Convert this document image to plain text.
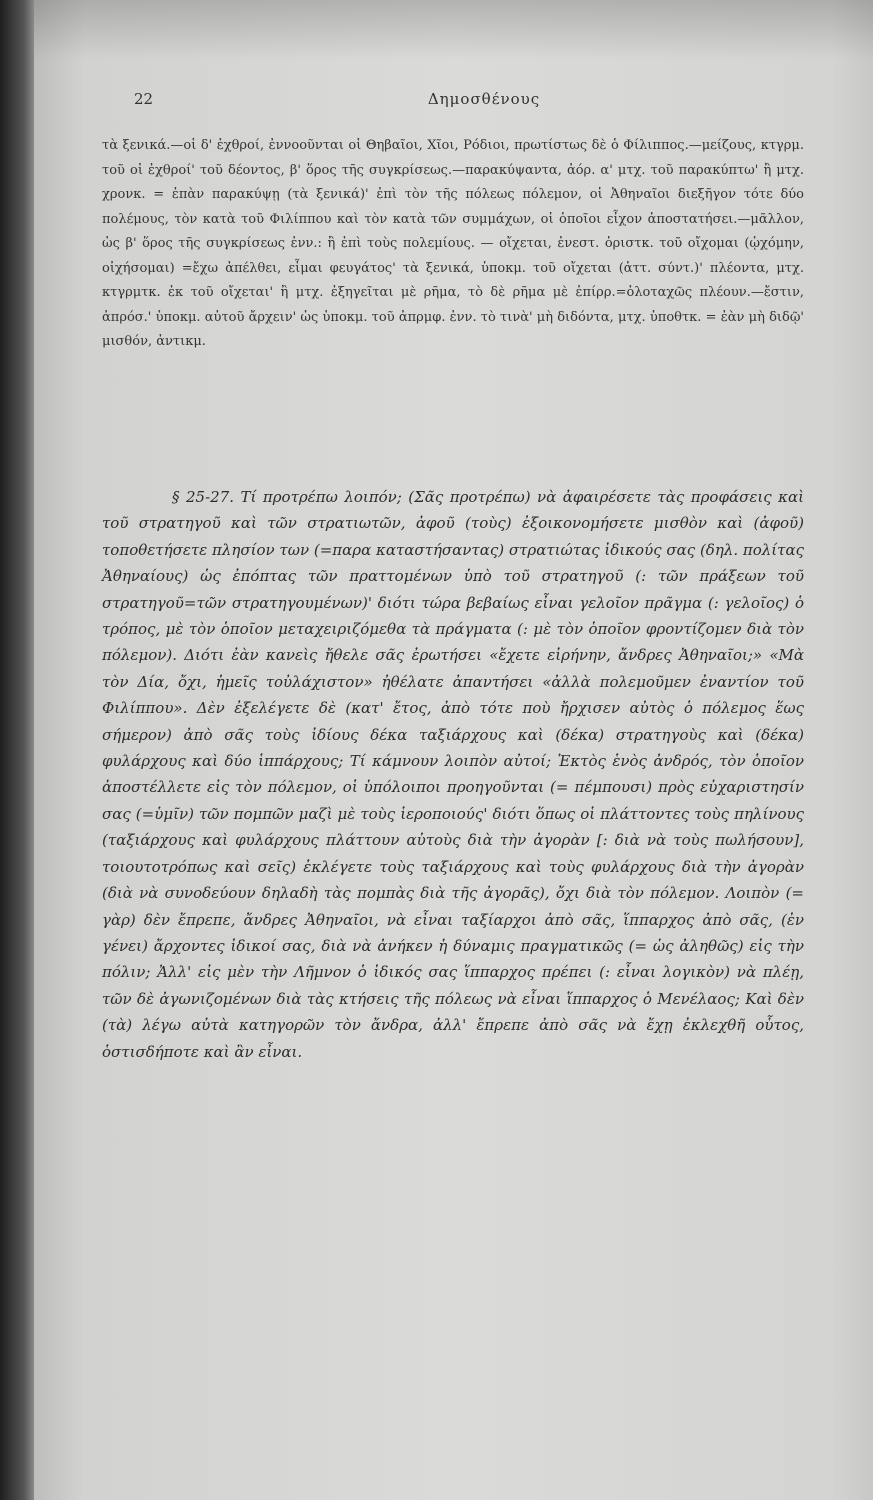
22	Δημοσθένους

τὰ ξενικά.—οἱ δ' ἐχθροί, ἐννοοῦνται οἱ Θηβαῖοι, Χῖοι, Ρόδιοι, πρωτίστως δὲ ὁ Φίλιππος.—μείζους, κτγρμ. τοῦ οἱ ἐχθροί' τοῦ δέοντος, β' ὅρος τῆς συγκρίσεως.—παρακύψαντα, ἀόρ. α' μτχ. τοῦ παρακύπτω' ἢ μτχ. χρονκ. = ἐπὰν παρακύψῃ (τὰ ξενικά)' ἐπὶ τὸν τῆς πόλεως πόλεμον, οἱ Ἀθηναῖοι διεξῆγον τότε δύο πολέμους, τὸν κατὰ τοῦ Φιλίππου καὶ τὸν κατὰ τῶν συμμάχων, οἱ ὁποῖοι εἶχον ἀποστατήσει.—μᾶλλον, ὡς β' ὅρος τῆς συγκρίσεως ἐνν.: ἢ ἐπὶ τοὺς πολεμίους. — οἴχεται, ἐνεστ. ὁριστκ. τοῦ οἴχομαι (ᾠχόμην, οἰχήσομαι) =ἔχω ἀπέλθει, εἶμαι φευγάτος' τὰ ξενικά, ὑποκμ. τοῦ οἴχεται (ἀττ. σύντ.)' πλέοντα, μτχ. κτγρμτκ. ἐκ τοῦ οἴχεται' ἢ μτχ. ἐξηγεῖται μὲ ρῆμα, τὸ δὲ ρῆμα μὲ ἐπίρρ.=ὁλοταχῶς πλέουν.—ἔστιν, ἀπρόσ.' ὑποκμ. αὐτοῦ ἄρχειν' ὡς ὑποκμ. τοῦ ἀπρμφ. ἐνν. τὸ τινὰ' μὴ διδόντα, μτχ. ὑποθτκ. = ἐὰν μὴ διδῷ' μισθόν, ἀντικμ.

§ 25-27. Τί προτρέπω λοιπόν; (Σᾶς προτρέπω) νὰ ἀφαιρέσετε τὰς προφάσεις καὶ τοῦ στρατηγοῦ καὶ τῶν στρατιωτῶν, ἀφοῦ (τοὺς) ἐξοικονομήσετε μισθὸν καὶ (ἀφοῦ) τοποθετήσετε πλησίον των (=παρα καταστήσαντας) στρατιώτας ἰδικούς σας (δηλ. πολίτας Ἀθηναίους) ὡς ἐπόπτας τῶν πραττομένων ὑπὸ τοῦ στρατηγοῦ (: τῶν πράξεων τοῦ στρατηγοῦ=τῶν στρατηγουμένων)' διότι τώρα βεβαίως εἶναι γελοῖον πρᾶγμα (: γελοῖος) ὁ τρόπος, μὲ τὸν ὁποῖον μεταχειριζόμεθα τὰ πράγματα (: μὲ τὸν ὁποῖον φροντίζομεν διὰ τὸν πόλεμον). Διότι ἐὰν κανεὶς ἤθελε σᾶς ἐρωτήσει «ἔχετε εἰρήνην, ἄνδρες Ἀθηναῖοι;» «Μὰ τὸν Δία, ὄχι, ἡμεῖς τοὐλάχιστον» ἠθέλατε ἀπαντήσει «ἀλλὰ πολεμοῦμεν ἐναντίον τοῦ Φιλίππου». Δὲν ἐξελέγετε δὲ (κατ' ἔτος, ἀπὸ τότε ποὺ ἤρχισεν αὐτὸς ὁ πόλεμος ἕως σήμερον) ἀπὸ σᾶς τοὺς ἰδίους δέκα ταξιάρχους καὶ (δέκα) στρατηγοὺς καὶ (δέκα) φυλάρχους καὶ δύο ἱππάρχους; Τί κάμνουν λοιπὸν αὐτοί; Ἐκτὸς ἑνὸς ἀνδρός, τὸν ὁποῖον ἀποστέλλετε εἰς τὸν πόλεμον, οἱ ὑπόλοιποι προηγοῦνται (= πέμπουσι) πρὸς εὐχαριστησίν σας (=ὑμῖν) τῶν πομπῶν μαζὶ μὲ τοὺς ἱεροποιούς' διότι ὅπως οἱ πλάττοντες τοὺς πηλίνους (ταξιάρχους καὶ φυλάρχους πλάττουν αὐτοὺς διὰ τὴν ἀγορὰν [: διὰ νὰ τοὺς πωλήσουν], τοιουτοτρόπως καὶ σεῖς) ἐκλέγετε τοὺς ταξιάρχους καὶ τοὺς φυλάρχους διὰ τὴν ἀγορὰν (διὰ νὰ συνοδεύουν δηλαδὴ τὰς πομπὰς διὰ τῆς ἀγορᾶς), ὄχι διὰ τὸν πόλεμον. Λοιπὸν (= γὰρ) δὲν ἔπρεπε, ἄνδρες Ἀθηναῖοι, νὰ εἶναι ταξίαρχοι ἀπὸ σᾶς, ἵππαρχος ἀπὸ σᾶς, (ἐν γένει) ἄρχοντες ἰδικοί σας, διὰ νὰ ἀνήκεν ἡ δύναμις πραγματικῶς (= ὡς ἀληθῶς) εἰς τὴν πόλιν; Ἀλλ' εἰς μὲν τὴν Λῆμνον ὁ ἰδικός σας ἵππαρχος πρέπει (: εἶναι λογικὸν) νὰ πλέῃ, τῶν δὲ ἀγωνιζομένων διὰ τὰς κτήσεις τῆς πόλεως νὰ εἶναι ἵππαρχος ὁ Μενέλαος; Καὶ δὲν (τὰ) λέγω αὐτὰ κατηγορῶν τὸν ἄνδρα, ἀλλ' ἔπρεπε ἀπὸ σᾶς νὰ ἔχῃ ἐκλεχθῆ οὗτος, ὁστισδήποτε καὶ ἂν εἶναι.
